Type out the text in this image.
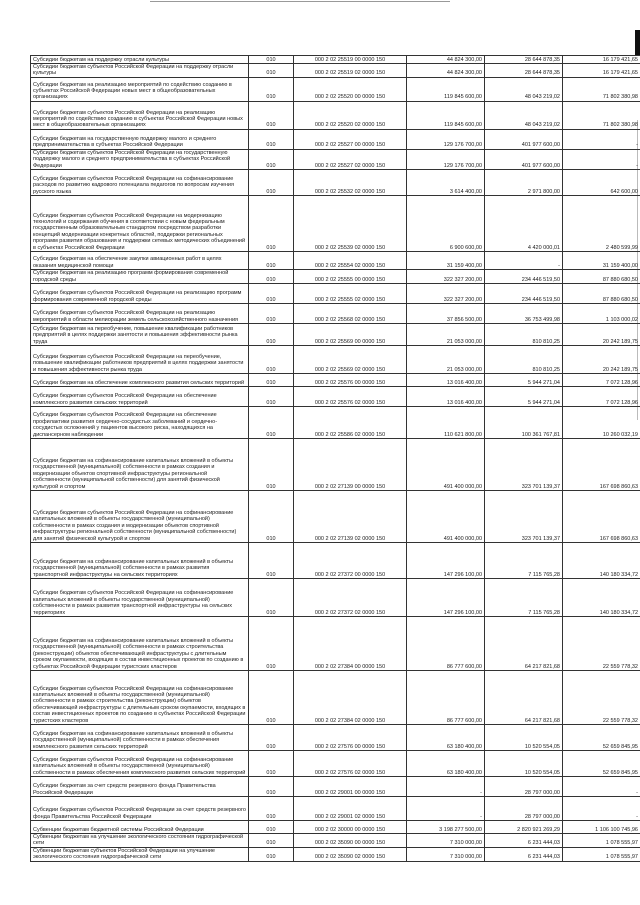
Субсидии бюджетам на поддержку отрасли культуры	010	000 2 02 25519 00 0000 150	44 824 300,00	28 644 878,35	16 179 421,65
Субсидии бюджетам субъектов Российской Федерации на поддержку отрасли культуры	010	000 2 02 25519 02 0000 150	44 824 300,00	28 644 878,35	16 179 421,65
Субсидии бюджетам на реализацию мероприятий по содействию созданию в субъектах Российской Федерации новых мест в общеобразовательных организациях	010	000 2 02 25520 00 0000 150	119 845 600,00	48 043 219,02	71 802 380,98
Субсидии бюджетам субъектов Российской Федерации на реализацию мероприятий по содействию созданию в субъектах Российской Федерации новых мест в общеобразовательных организациях	010	000 2 02 25520 02 0000 150	119 845 600,00	48 043 219,02	71 802 380,98
Субсидии бюджетам на государственную поддержку малого и среднего предпринимательства в субъектах Российской Федерации	010	000 2 02 25527 00 0000 150	129 176 700,00	401 977 600,00	-
Субсидии бюджетам субъектов Российской Федерации на государственную поддержку малого и среднего предпринимательства в субъектах Российской Федерации	010	000 2 02 25527 02 0000 150	129 176 700,00	401 977 600,00	-
Субсидии бюджетам субъектов Российской Федерации на софинансирование расходов по развитию кадрового потенциала педагогов по вопросам изучения русского языка	010	000 2 02 25532 02 0000 150	3 614 400,00	2 971 800,00	642 600,00
Субсидии бюджетам субъектов Российской Федерации на модернизацию технологий и содержания обучения в соответствии с новым федеральным государственным образовательным стандартом посредством разработки концепций модернизации конкретных областей, поддержки региональных программ развития образования и поддержки сетевых методических объединений в субъектах Российской Федерации	010	000 2 02 25539 02 0000 150	6 900 600,00	4 420 000,01	2 480 599,99
Субсидии бюджетам на обеспечение закупки авиационных работ в целях оказания медицинской помощи	010	000 2 02 25554 02 0000 150	31 159 400,00	-	31 159 400,00
Субсидии бюджетам на реализацию программ формирования современной городской среды	010	000 2 02 25555 00 0000 150	322 327 200,00	234 446 519,50	87 880 680,50
Субсидии бюджетам субъектов Российской Федерации на реализацию программ формирования современной городской среды	010	000 2 02 25555 02 0000 150	322 327 200,00	234 446 519,50	87 880 680,50
Субсидии бюджетам субъектов Российской Федерации на реализацию мероприятий в области мелиорации земель сельскохозяйственного назначения	010	000 2 02 25568 02 0000 150	37 856 500,00	36 753 499,98	1 103 000,02
Субсидии бюджетам на переобучение, повышение квалификации работников предприятий в целях поддержки занятости и повышения эффективности рынка труда	010	000 2 02 25569 00 0000 150	21 053 000,00	810 810,25	20 242 189,75
Субсидии бюджетам субъектов Российской Федерации на переобучение, повышение квалификации работников предприятий в целях поддержки занятости и повышения эффективности рынка труда	010	000 2 02 25569 02 0000 150	21 053 000,00	810 810,25	20 242 189,75
Субсидии бюджетам на обеспечение комплексного развития сельских территорий	010	000 2 02 25576 00 0000 150	13 016 400,00	5 944 271,04	7 072 128,96
Субсидии бюджетам субъектов Российской Федерации на обеспечение комплексного развития сельских территорий	010	000 2 02 25576 02 0000 150	13 016 400,00	5 944 271,04	7 072 128,96
Субсидии бюджетам субъектов Российской Федерации на обеспечение профилактики развития сердечно-сосудистых заболеваний и сердечно-сосудистых осложнений у пациентов высокого риска, находящихся на диспансерном наблюдении	010	000 2 02 25586 02 0000 150	110 621 800,00	100 361 767,81	10 260 032,19
Субсидии бюджетам на софинансирование капитальных вложений в объекты государственной (муниципальной) собственности в рамках создания и модернизации объектов спортивной инфраструктуры региональной собственности (муниципальной собственности) для занятий физической культурой и спортом	010	000 2 02 27139 00 0000 150	491 400 000,00	323 701 139,37	167 698 860,63
Субсидии бюджетам субъектов Российской Федерации на софинансирование капитальных вложений в объекты государственной (муниципальной) собственности в рамках создания и модернизации объектов спортивной инфраструктуры региональной собственности (муниципальной собственности) для занятий физической культурой и спортом	010	000 2 02 27139 02 0000 150	491 400 000,00	323 701 139,37	167 698 860,63
Субсидии бюджетам на софинансирование капитальных вложений в объекты государственной (муниципальной) собственности в рамках развития транспортной инфраструктуры на сельских территориях	010	000 2 02 27372 00 0000 150	147 296 100,00	7 115 765,28	140 180 334,72
Субсидии бюджетам субъектов Российской Федерации на софинансирование капитальных вложений в объекты государственной (муниципальной) собственности в рамках развития транспортной инфраструктуры на сельских территориях	010	000 2 02 27372 02 0000 150	147 296 100,00	7 115 765,28	140 180 334,72
Субсидии бюджетам на софинансирование капитальных вложений в объекты государственной (муниципальной) собственности в рамках строительства (реконструкции) объектов обеспечивающей инфраструктуры с длительным сроком окупаемости, входящих в состав инвестиционных проектов по созданию в субъектах Российской Федерации туристских кластеров	010	000 2 02 27384 00 0000 150	86 777 600,00	64 217 821,68	22 559 778,32
Субсидии бюджетам субъектов Российской Федерации на софинансирование капитальных вложений в объекты государственной (муниципальной) собственности в рамках строительства (реконструкции) объектов обеспечивающей инфраструктуры с длительным сроком окупаемости, входящих в состав инвестиционных проектов по созданию в субъектах Российской Федерации туристских кластеров	010	000 2 02 27384 02 0000 150	86 777 600,00	64 217 821,68	22 559 778,32
Субсидии бюджетам на софинансирование капитальных вложений в объекты государственной (муниципальной) собственности в рамках обеспечения комплексного развития сельских территорий	010	000 2 02 27576 00 0000 150	63 180 400,00	10 520 554,05	52 659 845,95
Субсидии бюджетам субъектов Российской Федерации на софинансирование капитальных вложений в объекты государственной (муниципальной) собственности в рамках обеспечения комплексного развития сельских территорий	010	000 2 02 27576 02 0000 150	63 180 400,00	10 520 554,05	52 659 845,95
Субсидии бюджетам за счет средств резервного фонда Правительства Российской Федерации	010	000 2 02 29001 00 0000 150	-	28 797 000,00	-
Субсидии бюджетам субъектов Российской Федерации за счет средств резервного фонда Правительства Российской Федерации	010	000 2 02 29001 02 0000 150	-	28 797 000,00	-
Субвенции бюджетам бюджетной системы Российской Федерации	010	000 2 02 30000 00 0000 150	3 198 277 500,00	2 820 921 269,29	1 106 100 745,96
Субвенции бюджетам на улучшение экологического состояния гидрографической сети	010	000 2 02 35090 00 0000 150	7 310 000,00	6 231 444,03	1 078 555,97
Субвенции бюджетам субъектов Российской Федерации на улучшение экологического состояния гидрографической сети	010	000 2 02 35090 02 0000 150	7 310 000,00	6 231 444,03	1 078 555,97
